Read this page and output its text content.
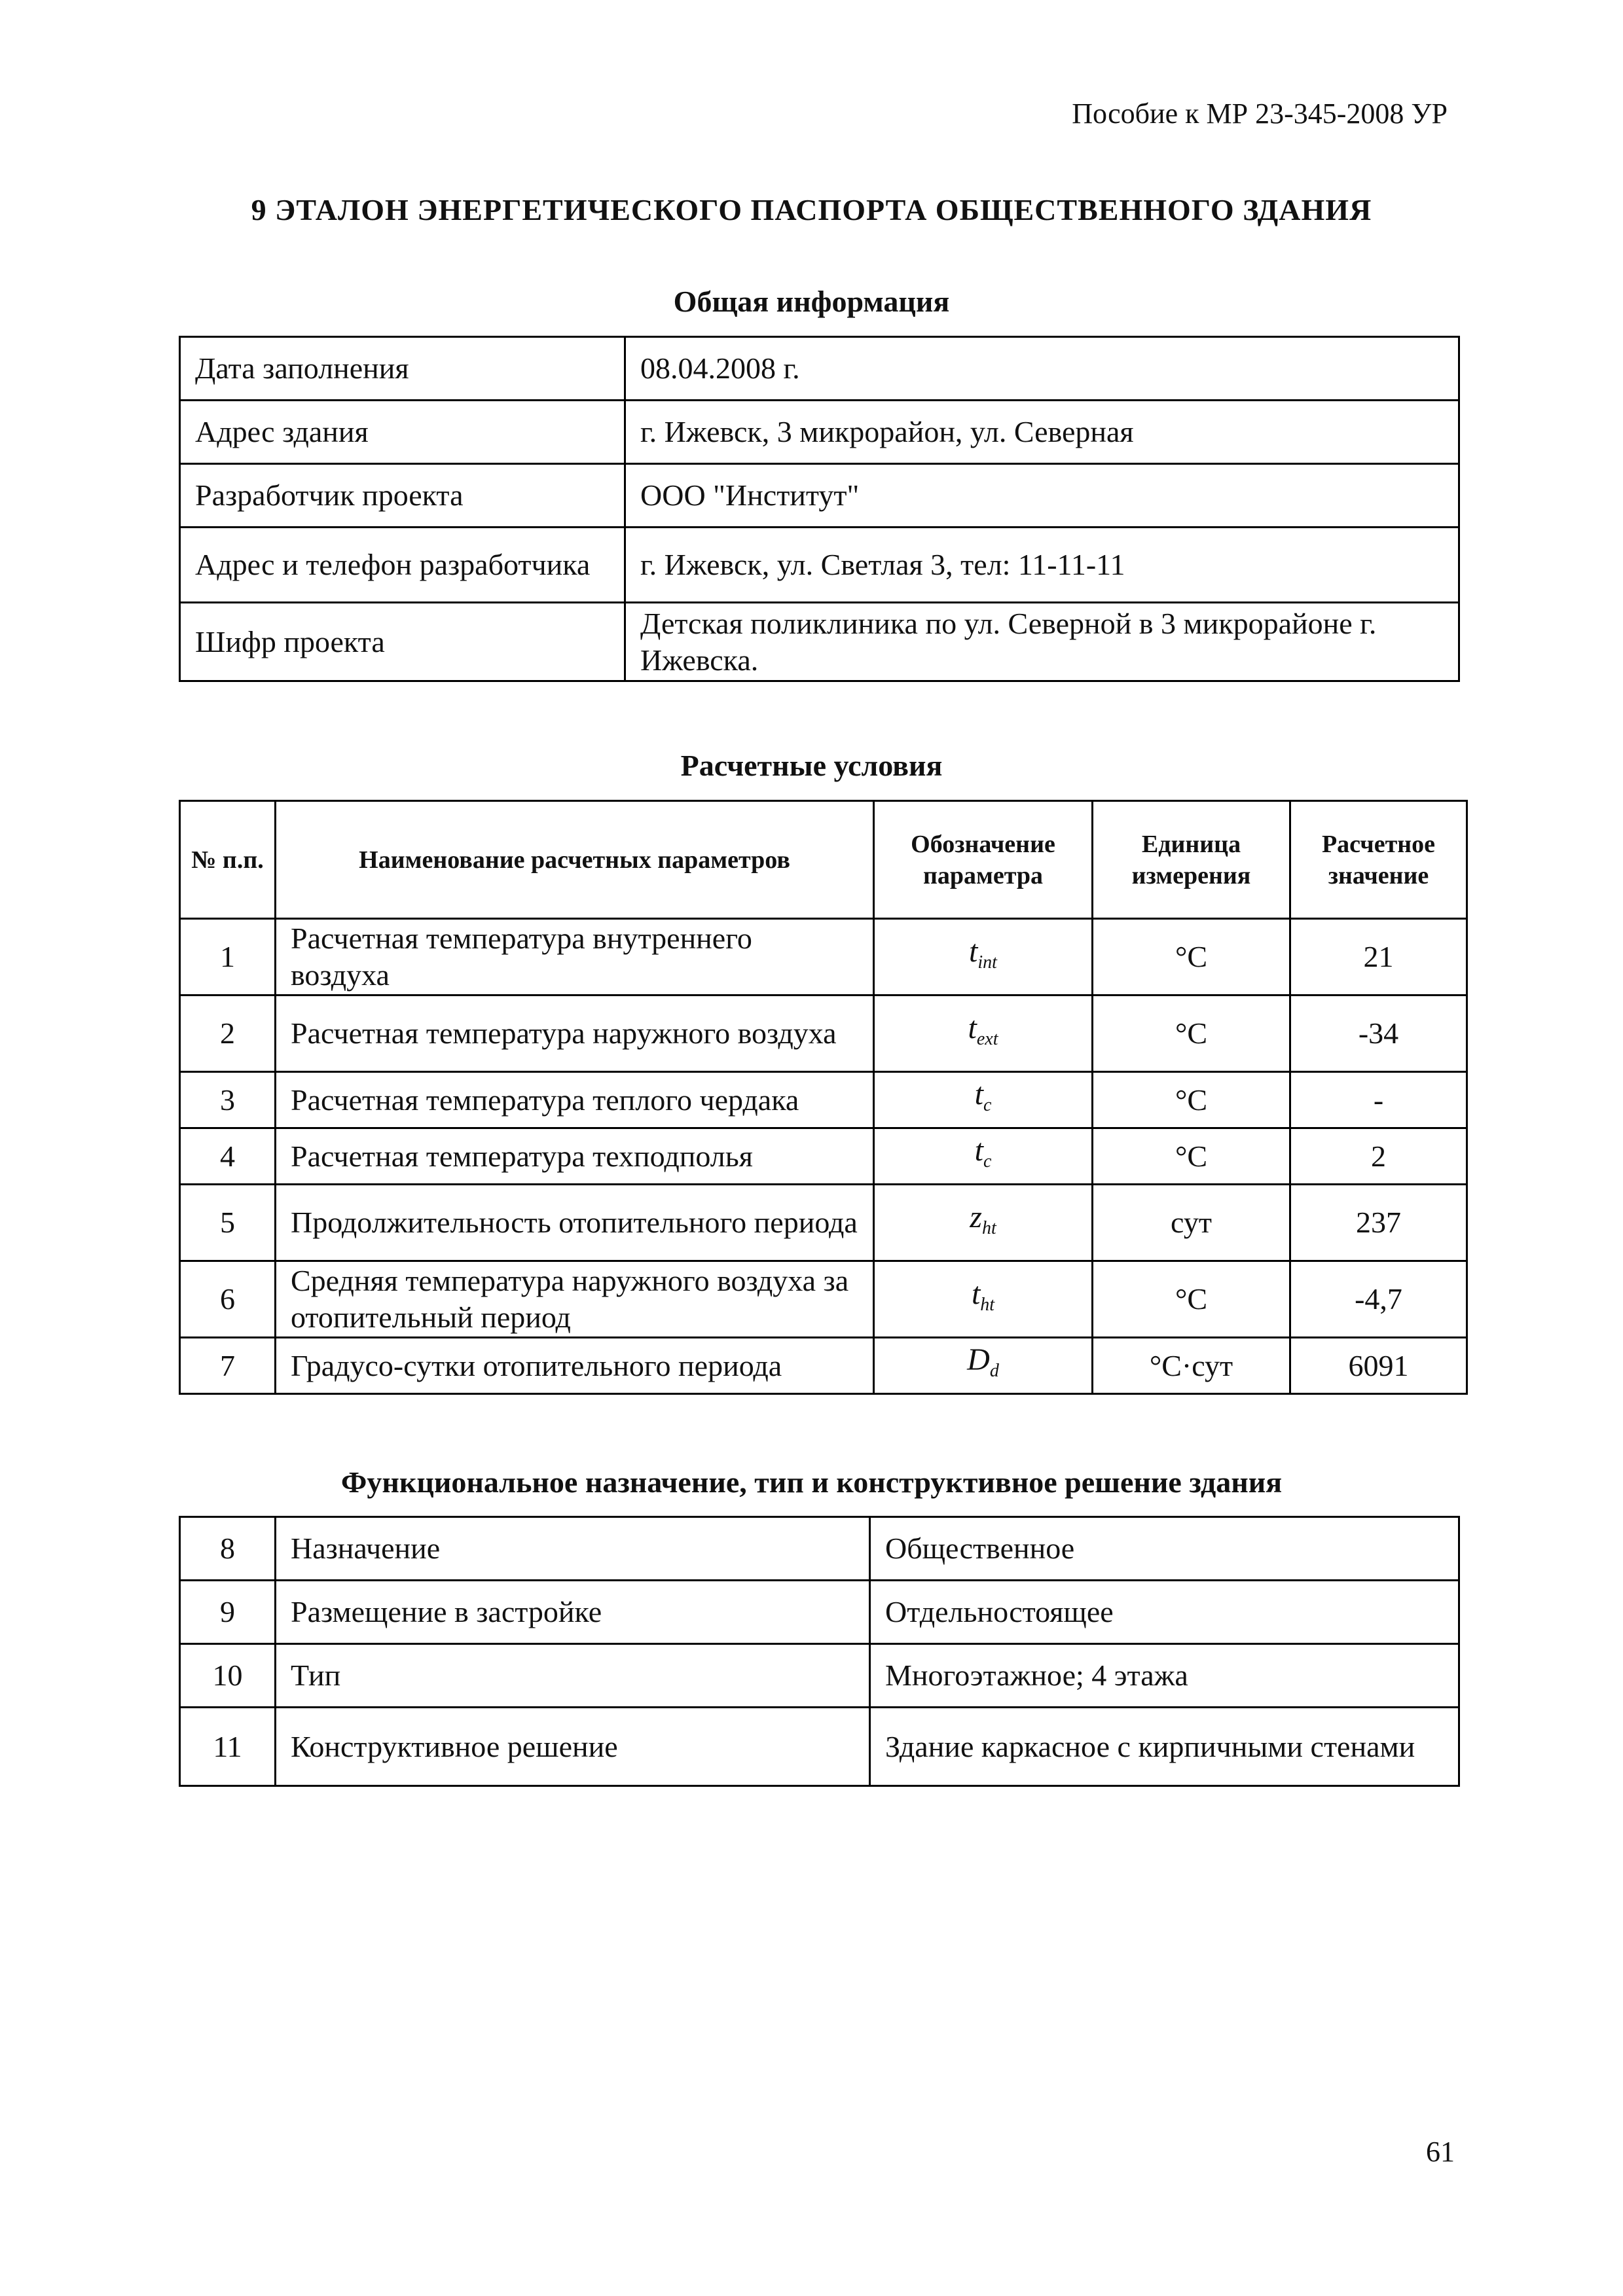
Пособие к МР 23-345-2008 УР
9 ЭТАЛОН ЭНЕРГЕТИЧЕСКОГО ПАСПОРТА ОБЩЕСТВЕННОГО ЗДАНИЯ
Общая информация
Дата заполнения	08.04.2008 г.
Адрес здания	г. Ижевск, 3 микрорайон, ул. Северная
Разработчик проекта	ООО "Институт"
Адрес и телефон разработчика	г. Ижевск, ул. Светлая 3, тел: 11-11-11
Шифр проекта	Детская поликлиника по ул. Северной в 3 микрорайоне г. Ижевска.
Расчетные условия
№ п.п.	Наименование расчетных параметров	Обозначение параметра	Единица измерения	Расчетное значение
1	Расчетная температура внутреннего воздуха	$t_{int}$	°C	21
2	Расчетная температура наружного воздуха	$t_{ext}$	°C	-34
3	Расчетная температура теплого чердака	$t_c$	°C	-
4	Расчетная температура техподполья	$t_c$	°C	2
5	Продолжительность отопительного периода	$z_{ht}$	сут	237
6	Средняя температура наружного воздуха за отопительный период	$t_{ht}$	°C	-4,7
7	Градусо-сутки отопительного периода	$D_d$	°C·сут	6091
Функциональное назначение, тип и конструктивное решение здания
8	Назначение	Общественное
9	Размещение в застройке	Отдельностоящее
10	Тип	Многоэтажное; 4 этажа
11	Конструктивное решение	Здание каркасное с кирпичными стенами
61
